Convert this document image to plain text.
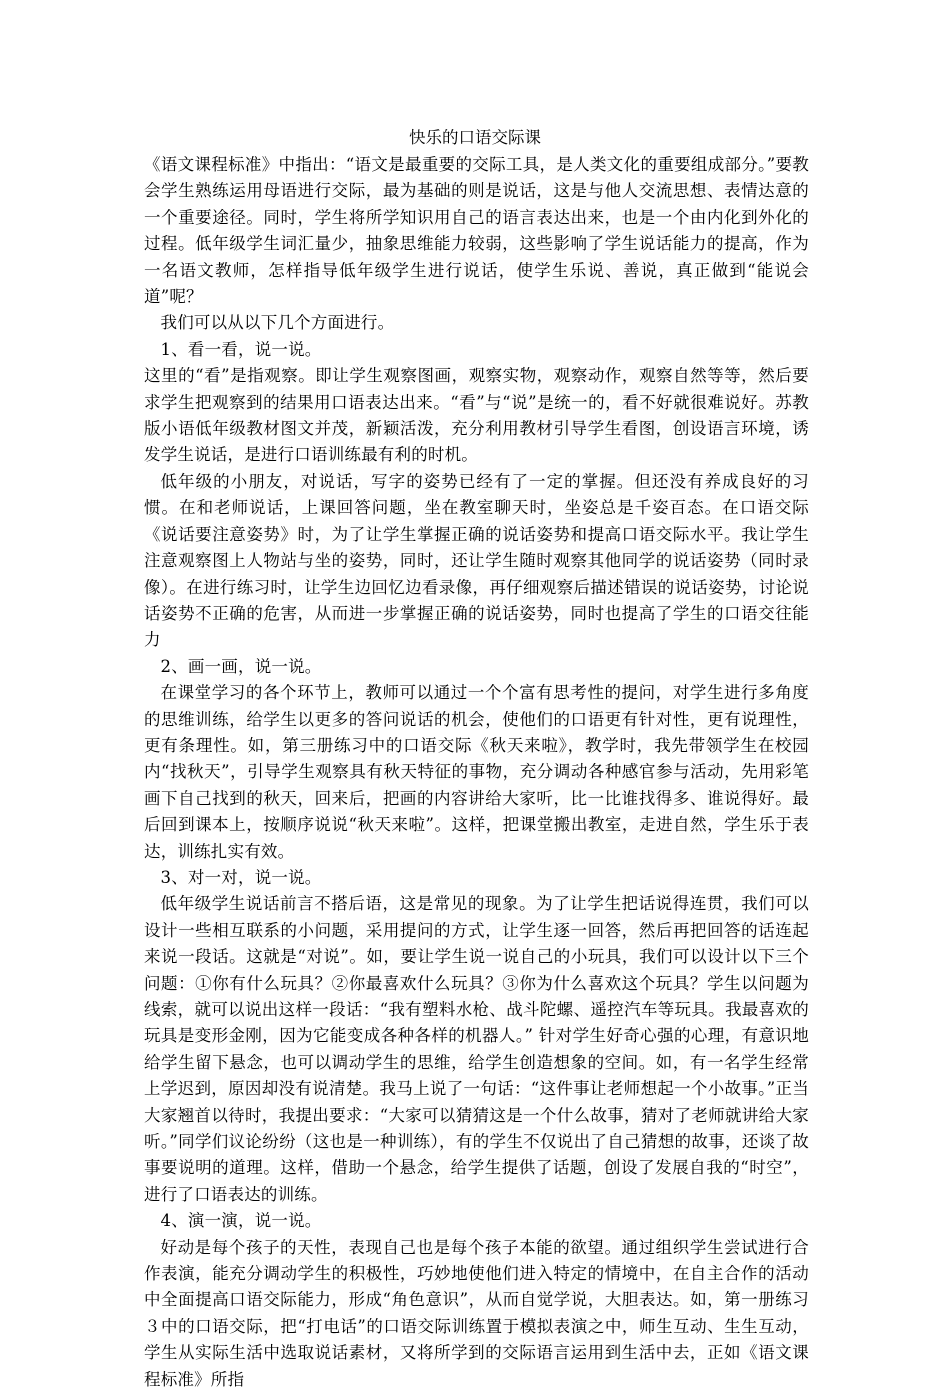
快乐的口语交际课

《语文课程标准》中指出：“语文是最重要的交际工具，是人类文化的重要组成部分。”要教会学生熟练运用母语进行交际，最为基础的则是说话，这是与他人交流思想、表情达意的一个重要途径。同时，学生将所学知识用自己的语言表达出来，也是一个由内化到外化的过程。低年级学生词汇量少，抽象思维能力较弱，这些影响了学生说话能力的提高，作为一名语文教师，怎样指导低年级学生进行说话，使学生乐说、善说，真正做到“能说会道”呢？

我们可以从以下几个方面进行。

1、看一看，说一说。

这里的“看”是指观察。即让学生观察图画，观察实物，观察动作，观察自然等等，然后要求学生把观察到的结果用口语表达出来。“看”与“说”是统一的，看不好就很难说好。苏教版小语低年级教材图文并茂，新颖活泼，充分利用教材引导学生看图，创设语言环境，诱发学生说话，是进行口语训练最有利的时机。

低年级的小朋友，对说话，写字的姿势已经有了一定的掌握。但还没有养成良好的习惯。在和老师说话，上课回答问题，坐在教室聊天时，坐姿总是千姿百态。在口语交际《说话要注意姿势》时，为了让学生掌握正确的说话姿势和提高口语交际水平。我让学生注意观察图上人物站与坐的姿势，同时，还让学生随时观察其他同学的说话姿势（同时录像）。在进行练习时，让学生边回忆边看录像，再仔细观察后描述错误的说话姿势，讨论说话姿势不正确的危害，从而进一步掌握正确的说话姿势，同时也提高了学生的口语交往能力

2、画一画，说一说。

在课堂学习的各个环节上，教师可以通过一个个富有思考性的提问，对学生进行多角度的思维训练，给学生以更多的答问说话的机会，使他们的口语更有针对性，更有说理性，更有条理性。如，第三册练习中的口语交际《秋天来啦》，教学时，我先带领学生在校园内“找秋天”，引导学生观察具有秋天特征的事物，充分调动各种感官参与活动，先用彩笔画下自己找到的秋天，回来后，把画的内容讲给大家听，比一比谁找得多、谁说得好。最后回到课本上，按顺序说说“秋天来啦”。这样，把课堂搬出教室，走进自然，学生乐于表达，训练扎实有效。

3、对一对，说一说。

低年级学生说话前言不搭后语，这是常见的现象。为了让学生把话说得连贯，我们可以设计一些相互联系的小问题，采用提问的方式，让学生逐一回答，然后再把回答的话连起来说一段话。这就是“对说”。如，要让学生说一说自己的小玩具，我们可以设计以下三个问题：①你有什么玩具？②你最喜欢什么玩具？③你为什么喜欢这个玩具？学生以问题为线索，就可以说出这样一段话：“我有塑料水枪、战斗陀螺、遥控汽车等玩具。我最喜欢的玩具是变形金刚，因为它能变成各种各样的机器人。” 针对学生好奇心强的心理，有意识地给学生留下悬念，也可以调动学生的思维，给学生创造想象的空间。如，有一名学生经常上学迟到，原因却没有说清楚。我马上说了一句话：“这件事让老师想起一个小故事。”正当大家翘首以待时，我提出要求：“大家可以猜猜这是一个什么故事，猜对了老师就讲给大家听。”同学们议论纷纷（这也是一种训练），有的学生不仅说出了自己猜想的故事，还谈了故事要说明的道理。这样，借助一个悬念，给学生提供了话题，创设了发展自我的“时空”，进行了口语表达的训练。

4、演一演，说一说。

好动是每个孩子的天性，表现自己也是每个孩子本能的欲望。通过组织学生尝试进行合作表演，能充分调动学生的积极性，巧妙地使他们进入特定的情境中，在自主合作的活动中全面提高口语交际能力，形成“角色意识”，从而自觉学说，大胆表达。如，第一册练习３中的口语交际，把“打电话”的口语交际训练置于模拟表演之中，师生互动、生生互动，学生从实际生活中选取说话素材，又将所学到的交际语言运用到生活中去，正如《语文课程标准》所指
